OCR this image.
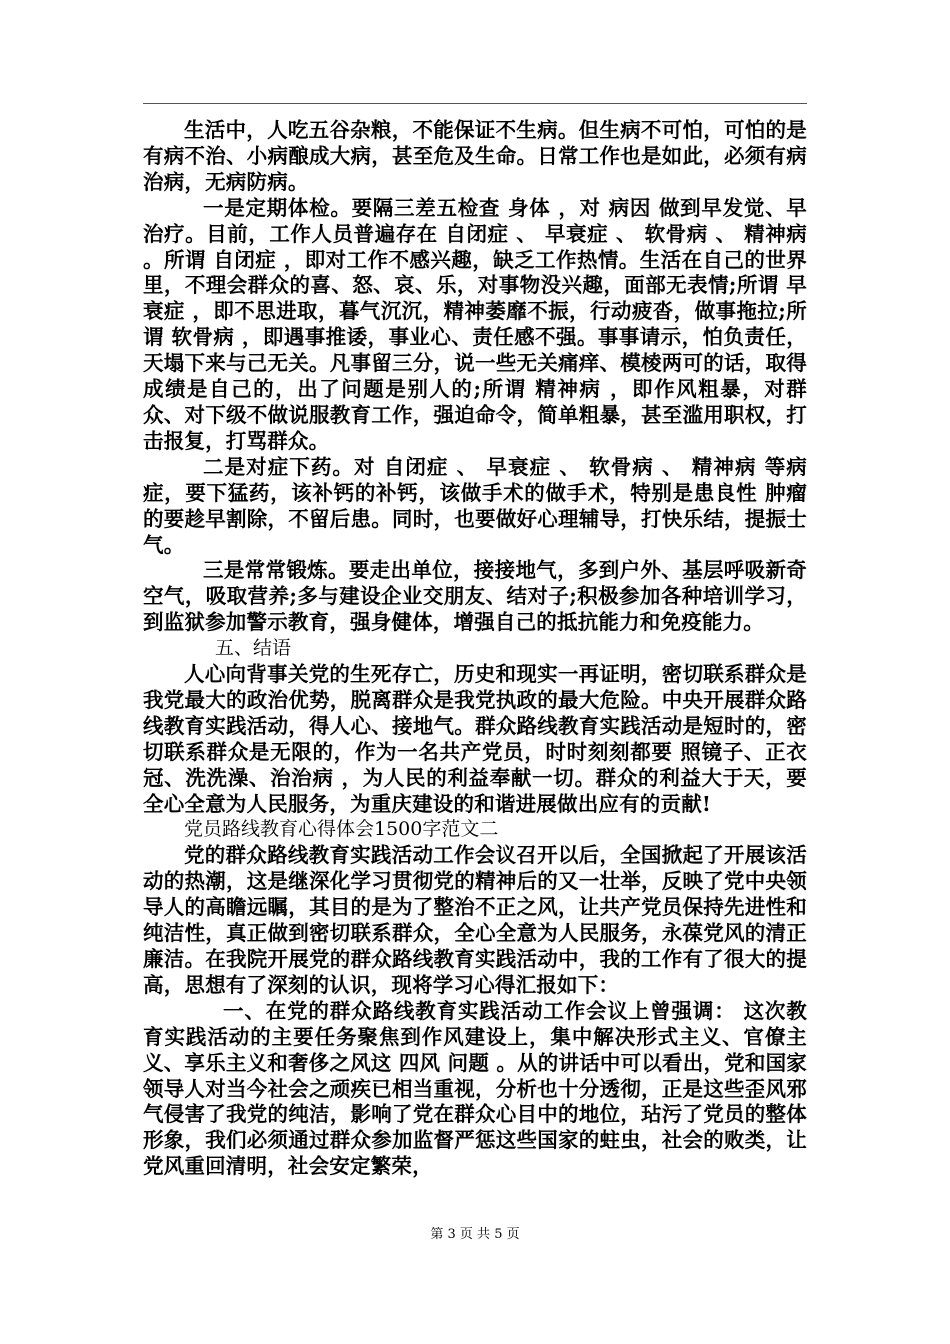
生活中，人吃五谷杂粮，不能保证不生病。但生病不可怕，可怕的是有病不治、小病酿成大病，甚至危及生命。日常工作也是如此，必须有病治病，无病防病。

一是定期体检。要隔三差五检查 身体 ，对 病因 做到早发觉、早治疗。目前，工作人员普遍存在 自闭症 、 早衰症 、 软骨病 、 精神病 。所谓 自闭症 ，即对工作不感兴趣，缺乏工作热情。生活在自己的世界里，不理会群众的喜、怒、哀、乐，对事物没兴趣，面部无表情;所谓 早衰症 ，即不思进取，暮气沉沉，精神萎靡不振，行动疲沓，做事拖拉;所谓 软骨病 ，即遇事推诿，事业心、责任感不强。事事请示，怕负责任，天塌下来与己无关。凡事留三分，说一些无关痛痒、模棱两可的话，取得成绩是自己的，出了问题是别人的;所谓 精神病 ，即作风粗暴，对群众、对下级不做说服教育工作，强迫命令，简单粗暴，甚至滥用职权，打击报复，打骂群众。

二是对症下药。对 自闭症 、 早衰症 、 软骨病 、 精神病 等病症，要下猛药，该补钙的补钙，该做手术的做手术，特别是患良性 肿瘤 的要趁早割除，不留后患。同时，也要做好心理辅导，打快乐结，提振士气。

三是常常锻炼。要走出单位，接接地气，多到户外、基层呼吸新奇空气，吸取营养;多与建设企业交朋友、结对子;积极参加各种培训学习，到监狱参加警示教育，强身健体，增强自己的抵抗能力和免疫能力。

五、结语

人心向背事关党的生死存亡，历史和现实一再证明，密切联系群众是我党最大的政治优势，脱离群众是我党执政的最大危险。中央开展群众路线教育实践活动，得人心、接地气。群众路线教育实践活动是短时的，密切联系群众是无限的，作为一名共产党员，时时刻刻都要 照镜子、正衣冠、洗洗澡、治治病 ，为人民的利益奉献一切。群众的利益大于天，要全心全意为人民服务，为重庆建设的和谐进展做出应有的贡献!

党员路线教育心得体会1500字范文二

党的群众路线教育实践活动工作会议召开以后，全国掀起了开展该活动的热潮，这是继深化学习贯彻党的精神后的又一壮举，反映了党中央领导人的高瞻远瞩，其目的是为了整治不正之风，让共产党员保持先进性和纯洁性，真正做到密切联系群众，全心全意为人民服务，永葆党风的清正廉洁。在我院开展党的群众路线教育实践活动中，我的工作有了很大的提高，思想有了深刻的认识，现将学习心得汇报如下：

一、在党的群众路线教育实践活动工作会议上曾强调： 这次教育实践活动的主要任务聚焦到作风建设上，集中解决形式主义、官僚主义、享乐主义和奢侈之风这 四风 问题 。从的讲话中可以看出，党和国家领导人对当今社会之顽疾已相当重视，分析也十分透彻，正是这些歪风邪气侵害了我党的纯洁，影响了党在群众心目中的地位，玷污了党员的整体形象，我们必须通过群众参加监督严惩这些国家的蛀虫，社会的败类，让党风重回清明，社会安定繁荣，

第 3 页 共 5 页
